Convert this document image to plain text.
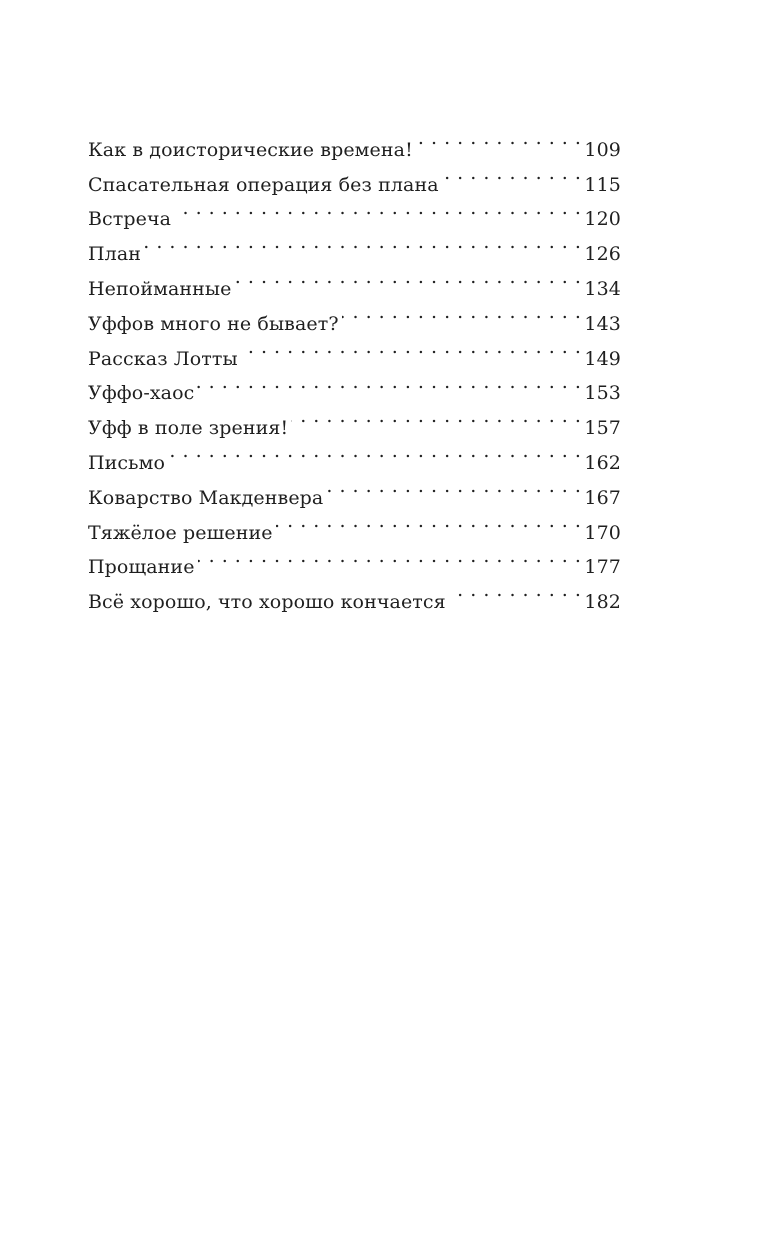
Как в доисторические времена! . . .	109
Спасательная операция без плана . . .	115
Встреча . . .	120
План . . .	126
Непойманные . . .	134
Уффов много не бывает? . . .	143
Рассказ Лотты . . .	149
Уффо-хаос . . .	153
Уфф в поле зрения! . . .	157
Письмо . . .	162
Коварство Макденвера . . .	167
Тяжёлое решение . . .	170
Прощание . . .	177
Всё хорошо, что хорошо кончается . . .	182
